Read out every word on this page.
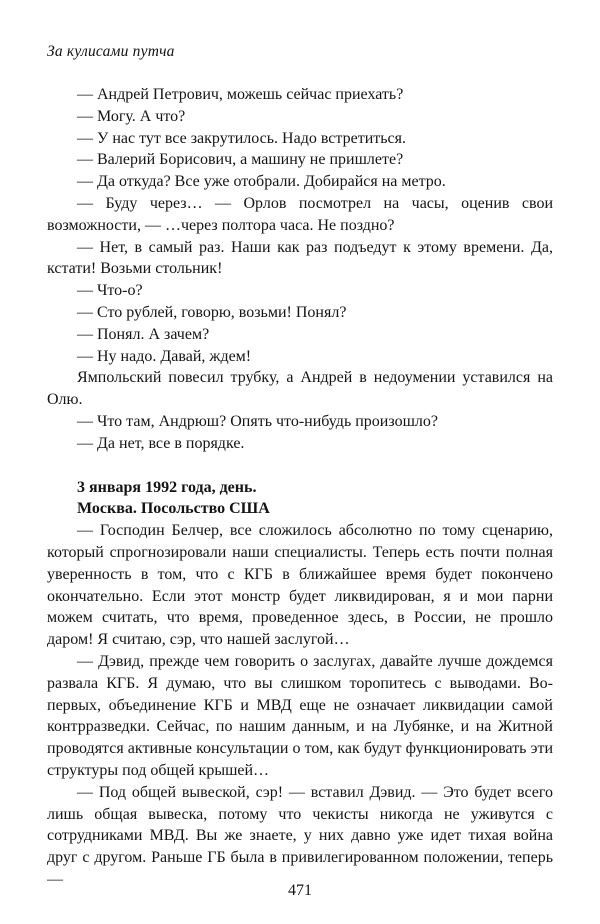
За кулисами путча

— Андрей Петрович, можешь сейчас приехать?

— Могу. А что?

— У нас тут все закрутилось. Надо встретиться.

— Валерий Борисович, а машину не пришлете?

— Да откуда? Все уже отобрали. Добирайся на метро.

— Буду через… — Орлов посмотрел на часы, оценив свои возможности, — …через полтора часа. Не поздно?

— Нет, в самый раз. Наши как раз подъедут к этому времени. Да, кстати! Возьми стольник!

— Что-о?

— Сто рублей, говорю, возьми! Понял?

— Понял. А зачем?

— Ну надо. Давай, ждем!

Ямпольский повесил трубку, а Андрей в недоумении уставился на Олю.

— Что там, Андрюш? Опять что-нибудь произошло?

— Да нет, все в порядке.

3 января 1992 года, день.

Москва. Посольство США

— Господин Белчер, все сложилось абсолютно по тому сценарию, который спрогнозировали наши специалисты. Теперь есть почти полная уверенность в том, что с КГБ в ближайшее время будет покончено окончательно. Если этот монстр будет ликвидирован, я и мои парни можем считать, что время, проведенное здесь, в России, не прошло даром! Я считаю, сэр, что нашей заслугой…

— Дэвид, прежде чем говорить о заслугах, давайте лучше дождемся развала КГБ. Я думаю, что вы слишком торопитесь с выводами. Во-первых, объединение КГБ и МВД еще не означает ликвидации самой контрразведки. Сейчас, по нашим данным, и на Лубянке, и на Житной проводятся активные консультации о том, как будут функционировать эти структуры под общей крышей…

— Под общей вывеской, сэр! — вставил Дэвид. — Это будет всего лишь общая вывеска, потому что чекисты никогда не уживутся с сотрудниками МВД. Вы же знаете, у них давно уже идет тихая война друг с другом. Раньше ГБ была в привилегированном положении, теперь —

471
